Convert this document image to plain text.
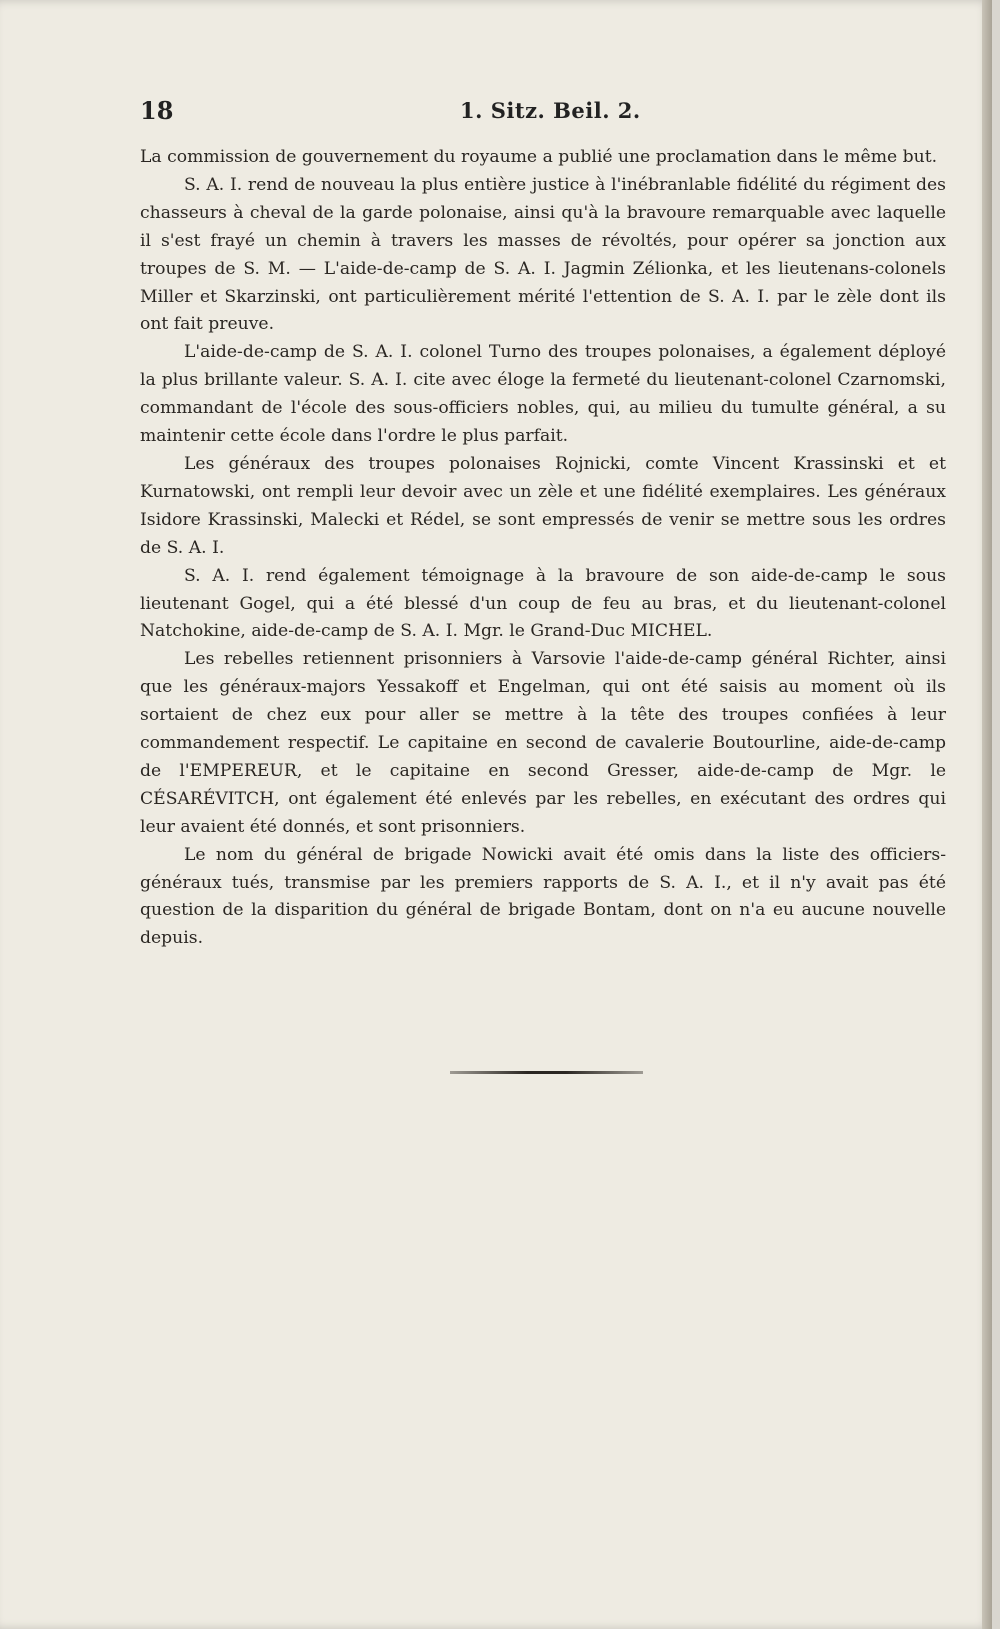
18	1. Sitz. Beil. 2.

La commission de gouvernement du royaume a publié une proclamation dans le même but.

S. A. I. rend de nouveau la plus entière justice à l'inébranlable fidélité du régiment des chasseurs à cheval de la garde polonaise, ainsi qu'à la bravoure remarquable avec laquelle il s'est frayé un chemin à travers les masses de révoltés, pour opérer sa jonction aux troupes de S. M. — L'aide-de-camp de S. A. I. Jagmin Zélionka, et les lieutenans-colonels Miller et Skarzinski, ont particulièrement mérité l'ettention de S. A. I. par le zèle dont ils ont fait preuve.

L'aide-de-camp de S. A. I. colonel Turno des troupes polonaises, a également déployé la plus brillante valeur. S. A. I. cite avec éloge la fermeté du lieutenant-colonel Czarnomski, commandant de l'école des sous-officiers nobles, qui, au milieu du tumulte général, a su maintenir cette école dans l'ordre le plus parfait.

Les généraux des troupes polonaises Rojnicki, comte Vincent Krassinski et et Kurnatowski, ont rempli leur devoir avec un zèle et une fidélité exemplaires. Les généraux Isidore Krassinski, Malecki et Rédel, se sont empressés de venir se mettre sous les ordres de S. A. I.

S. A. I. rend également témoignage à la bravoure de son aide-de-camp le sous lieutenant Gogel, qui a été blessé d'un coup de feu au bras, et du lieutenant-colonel Natchokine, aide-de-camp de S. A. I. Mgr. le Grand-Duc MICHEL.

Les rebelles retiennent prisonniers à Varsovie l'aide-de-camp général Richter, ainsi que les généraux-majors Yessakoff et Engelman, qui ont été saisis au moment où ils sortaient de chez eux pour aller se mettre à la tête des troupes confiées à leur commandement respectif. Le capitaine en second de cavalerie Boutourline, aide-de-camp de l'EMPEREUR, et le capitaine en second Gresser, aide-de-camp de Mgr. le CÉSARÉVITCH, ont également été enlevés par les rebelles, en exécutant des ordres qui leur avaient été donnés, et sont prisonniers.

Le nom du général de brigade Nowicki avait été omis dans la liste des officiers-généraux tués, transmise par les premiers rapports de S. A. I., et il n'y avait pas été question de la disparition du général de brigade Bontam, dont on n'a eu aucune nouvelle depuis.
